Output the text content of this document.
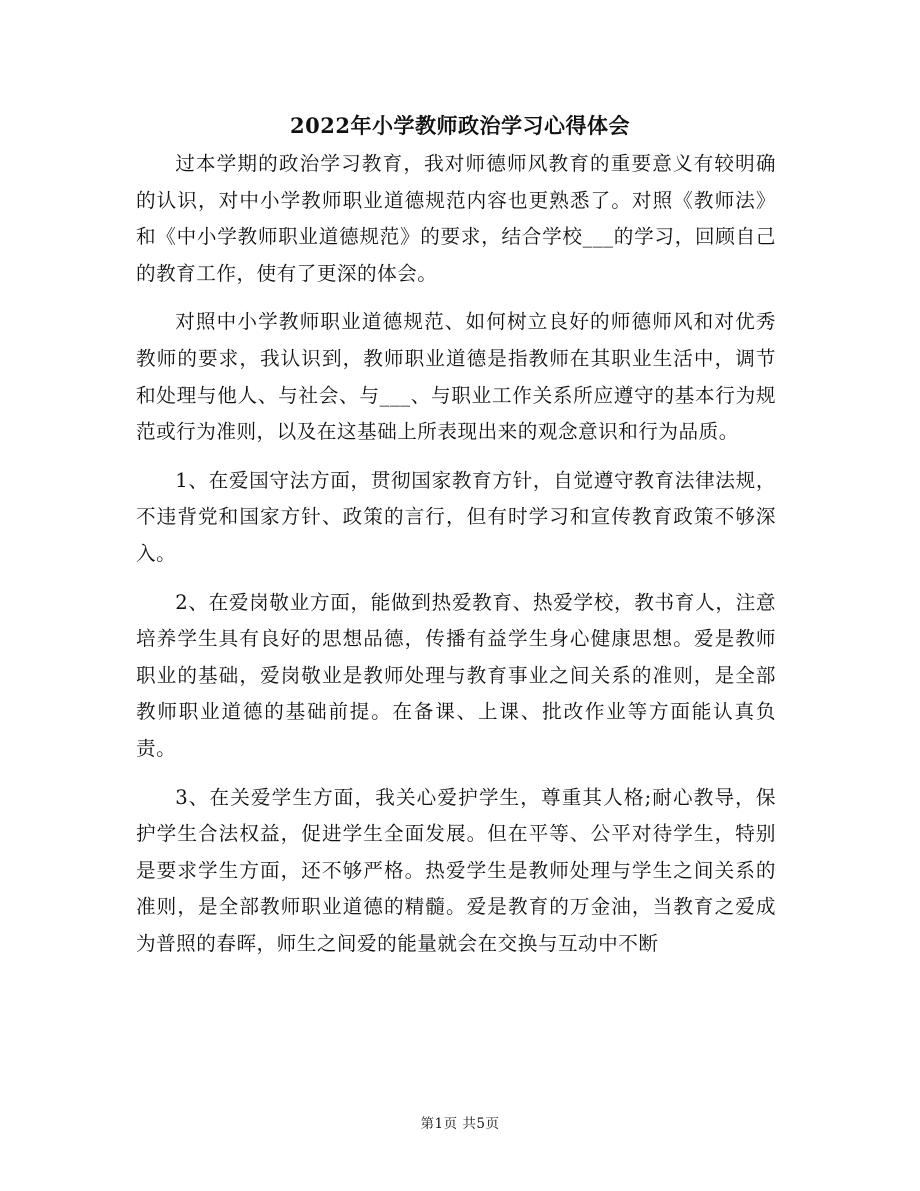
2022年小学教师政治学习心得体会

过本学期的政治学习教育，我对师德师风教育的重要意义有较明确的认识，对中小学教师职业道德规范内容也更熟悉了。对照《教师法》和《中小学教师职业道德规范》的要求，结合学校___的学习，回顾自己的教育工作，使有了更深的体会。

对照中小学教师职业道德规范、如何树立良好的师德师风和对优秀教师的要求，我认识到，教师职业道德是指教师在其职业生活中，调节和处理与他人、与社会、与___、与职业工作关系所应遵守的基本行为规范或行为准则，以及在这基础上所表现出来的观念意识和行为品质。

1、在爱国守法方面，贯彻国家教育方针，自觉遵守教育法律法规，不违背党和国家方针、政策的言行，但有时学习和宣传教育政策不够深入。

2、在爱岗敬业方面，能做到热爱教育、热爱学校，教书育人，注意培养学生具有良好的思想品德，传播有益学生身心健康思想。爱是教师职业的基础，爱岗敬业是教师处理与教育事业之间关系的准则，是全部教师职业道德的基础前提。在备课、上课、批改作业等方面能认真负责。

3、在关爱学生方面，我关心爱护学生，尊重其人格;耐心教导，保护学生合法权益，促进学生全面发展。但在平等、公平对待学生，特别是要求学生方面，还不够严格。热爱学生是教师处理与学生之间关系的准则，是全部教师职业道德的精髓。爱是教育的万金油，当教育之爱成为普照的春晖，师生之间爱的能量就会在交换与互动中不断

第1页 共5页
